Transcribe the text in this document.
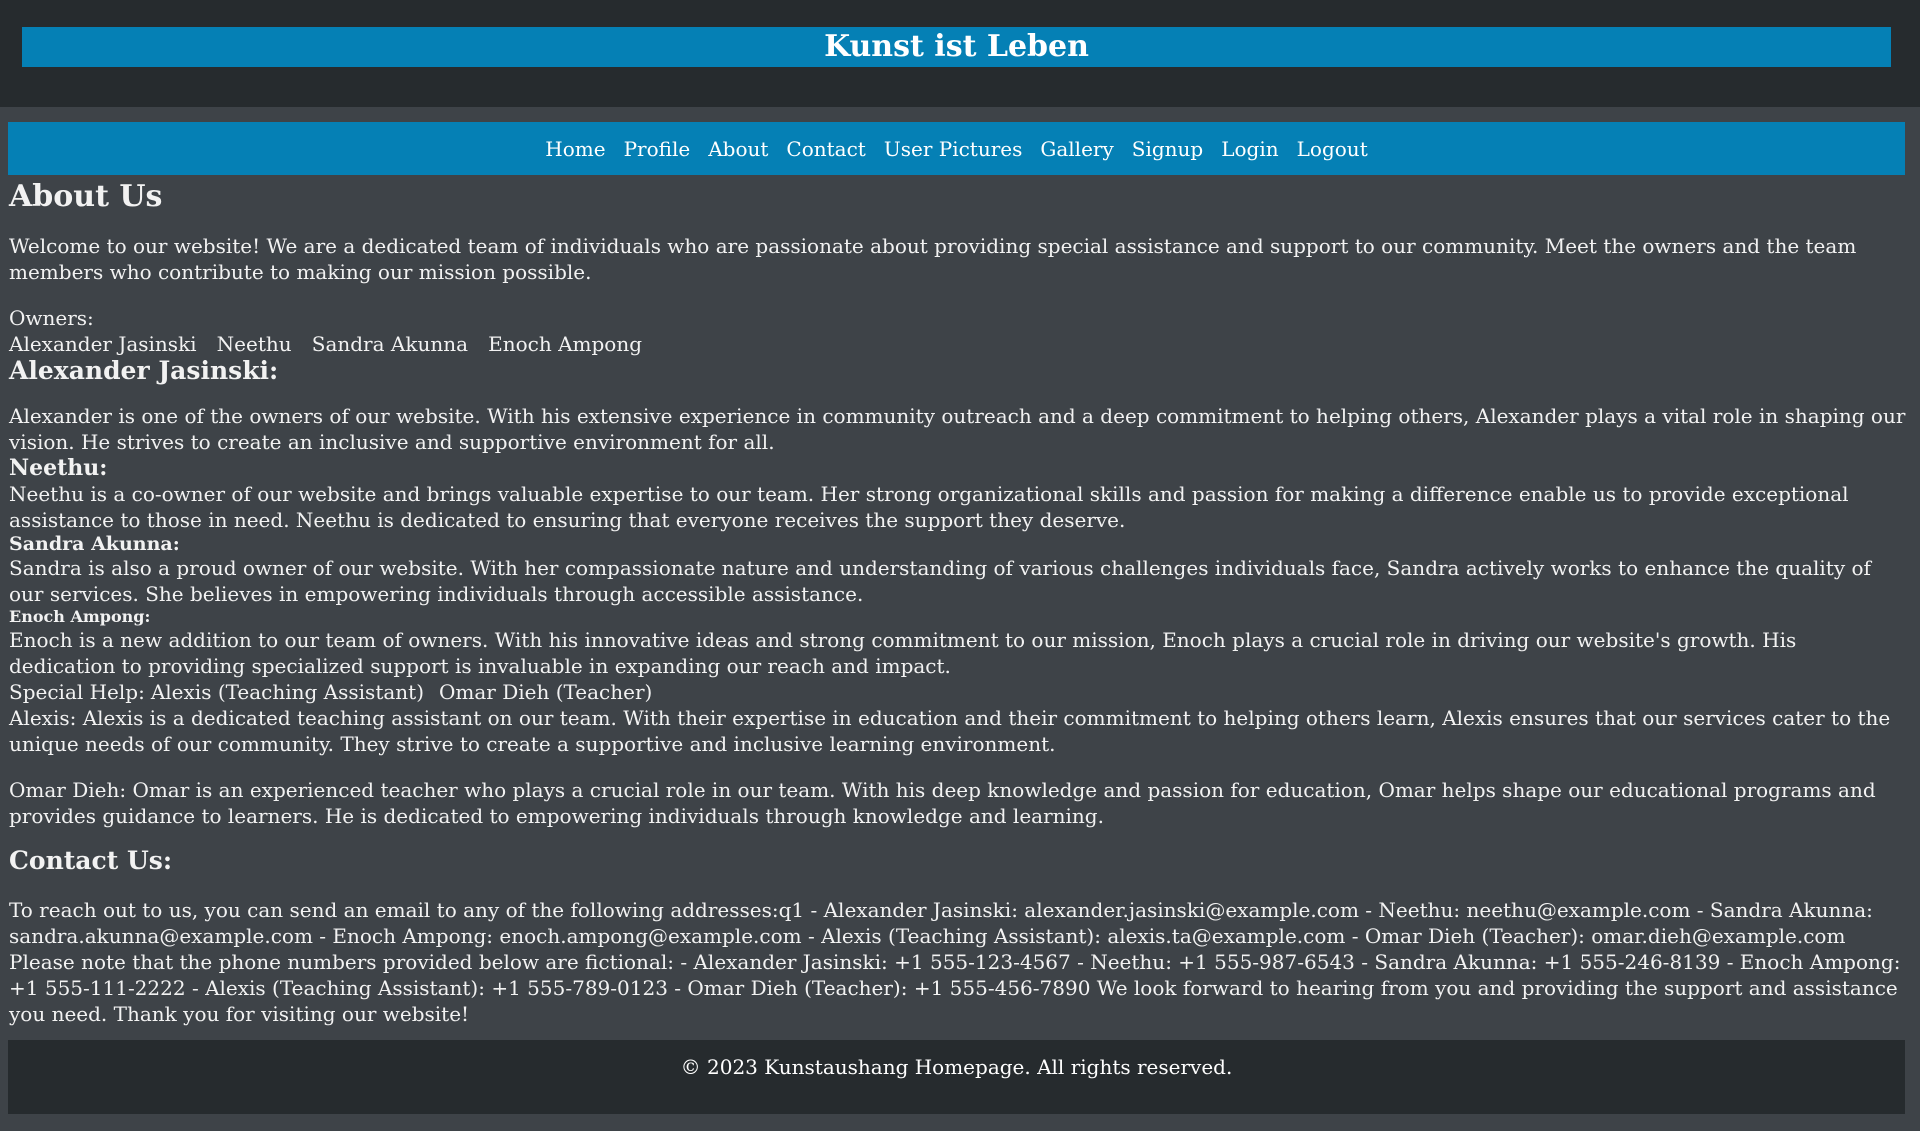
Kunst ist Leben
Home Profile About Contact User Pictures Gallery Signup Login Logout
About Us

Welcome to our website! We are a dedicated team of individuals who are passionate about providing special assistance and support to our community. Meet the owners and the team members who contribute to making our mission possible.

Owners:
Alexander Jasinski Neethu Sandra Akunna Enoch Ampong
Alexander Jasinski:

Alexander is one of the owners of our website. With his extensive experience in community outreach and a deep commitment to helping others, Alexander plays a vital role in shaping our vision. He strives to create an inclusive and supportive environment for all.

Neethu:

Neethu is a co-owner of our website and brings valuable expertise to our team. Her strong organizational skills and passion for making a difference enable us to provide exceptional assistance to those in need. Neethu is dedicated to ensuring that everyone receives the support they deserve.

Sandra Akunna:

Sandra is also a proud owner of our website. With her compassionate nature and understanding of various challenges individuals face, Sandra actively works to enhance the quality of our services. She believes in empowering individuals through accessible assistance.

Enoch Ampong:

Enoch is a new addition to our team of owners. With his innovative ideas and strong commitment to our mission, Enoch plays a crucial role in driving our website's growth. His dedication to providing specialized support is invaluable in expanding our reach and impact.

Special Help: Alexis (Teaching Assistant) Omar Dieh (Teacher)

Alexis: Alexis is a dedicated teaching assistant on our team. With their expertise in education and their commitment to helping others learn, Alexis ensures that our services cater to the unique needs of our community. They strive to create a supportive and inclusive learning environment.

Omar Dieh: Omar is an experienced teacher who plays a crucial role in our team. With his deep knowledge and passion for education, Omar helps shape our educational programs and provides guidance to learners. He is dedicated to empowering individuals through knowledge and learning.

Contact Us:

To reach out to us, you can send an email to any of the following addresses:q1 - Alexander Jasinski: alexander.jasinski@example.com - Neethu: neethu@example.com - Sandra Akunna: sandra.akunna@example.com - Enoch Ampong: enoch.ampong@example.com - Alexis (Teaching Assistant): alexis.ta@example.com - Omar Dieh (Teacher): omar.dieh@example.com Please note that the phone numbers provided below are fictional: - Alexander Jasinski: +1 555-123-4567 - Neethu: +1 555-987-6543 - Sandra Akunna: +1 555-246-8139 - Enoch Ampong: +1 555-111-2222 - Alexis (Teaching Assistant): +1 555-789-0123 - Omar Dieh (Teacher): +1 555-456-7890 We look forward to hearing from you and providing the support and assistance you need. Thank you for visiting our website!

© 2023 Kunstaushang Homepage. All rights reserved.
